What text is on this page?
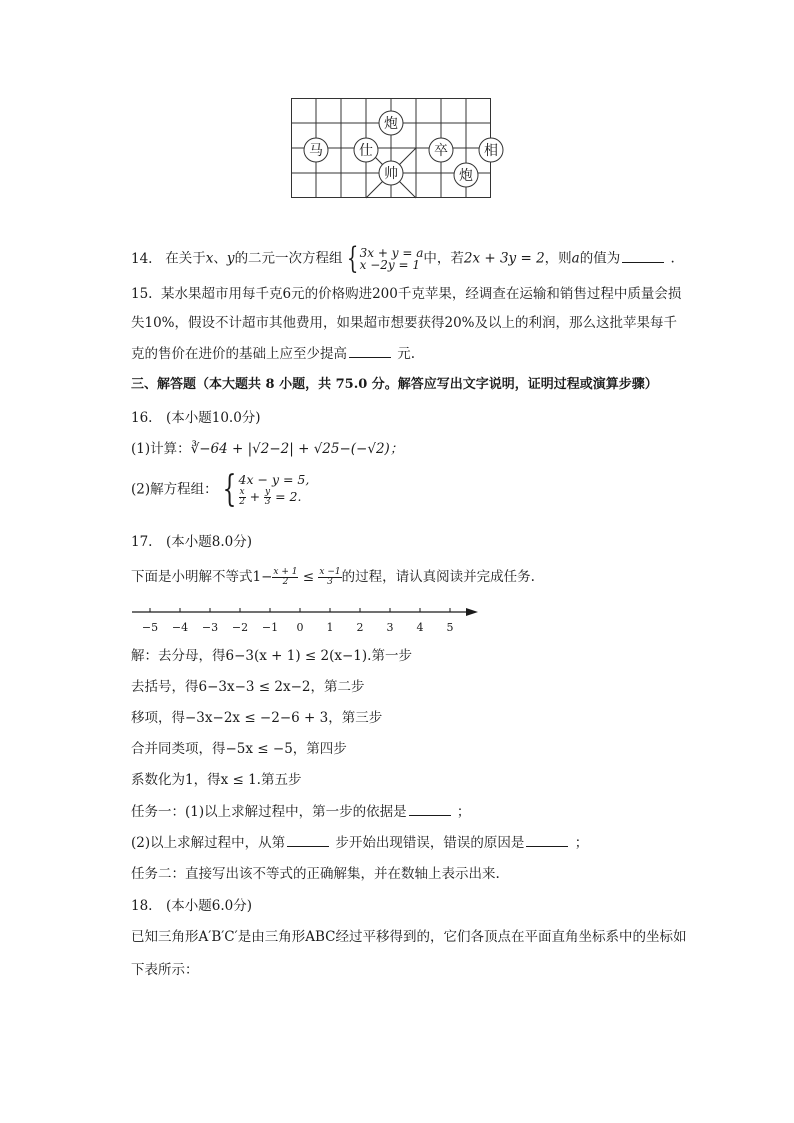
马	仕
炮
帅
卒	相
炮
14. 在关于x、y的二元一次方程组 { 3x + y = a
x −2y = 1 中，若2x + 3y = 2，则a的值为	.
15. 某水果超市用每千克6元的价格购进200千克苹果，经调查在运输和销售过程中质量会损
失10%，假设不计超市其他费用，如果超市想要获得20%及以上的利润，那么这批苹果每千
克的售价在进价的基础上应至少提高	元.
三、解答题（本大题共 8 小题，共 75.0 分。解答应写出文字说明，证明过程或演算步骤）
16.　(本小题10.0分)
(1)计算：∛−64 + |√2−2| + √25−(−√2)；
(2)解方程组： { 4x − y = 5,
$\frac{x}{2} + \frac{y}{3} = 2$.
17.　(本小题8.0分)
下面是小明解不等式$1- \frac{x + 1}{2} \le \frac{x -1}{3}$ 的过程，请认真阅读并完成任务.
−5 −4 −3 −2 −1 0 1 2 3 4 5
解：去分母，得6−3(x + 1) ≤ 2(x−1).第一步
去括号，得6−3x−3 ≤ 2x−2，第二步
移项，得−3x−2x ≤ −2−6 + 3，第三步
合并同类项，得−5x ≤ −5，第四步
系数化为1，得x ≤ 1.第五步
任务一：(1)以上求解过程中，第一步的依据是	；
(2)以上求解过程中，从第	步开始出现错误，错误的原因是	；
任务二：直接写出该不等式的正确解集，并在数轴上表示出来.
18.　(本小题6.0分)
已知三角形A′B′C′是由三角形ABC经过平移得到的，它们各顶点在平面直角坐标系中的坐标如
下表所示：
